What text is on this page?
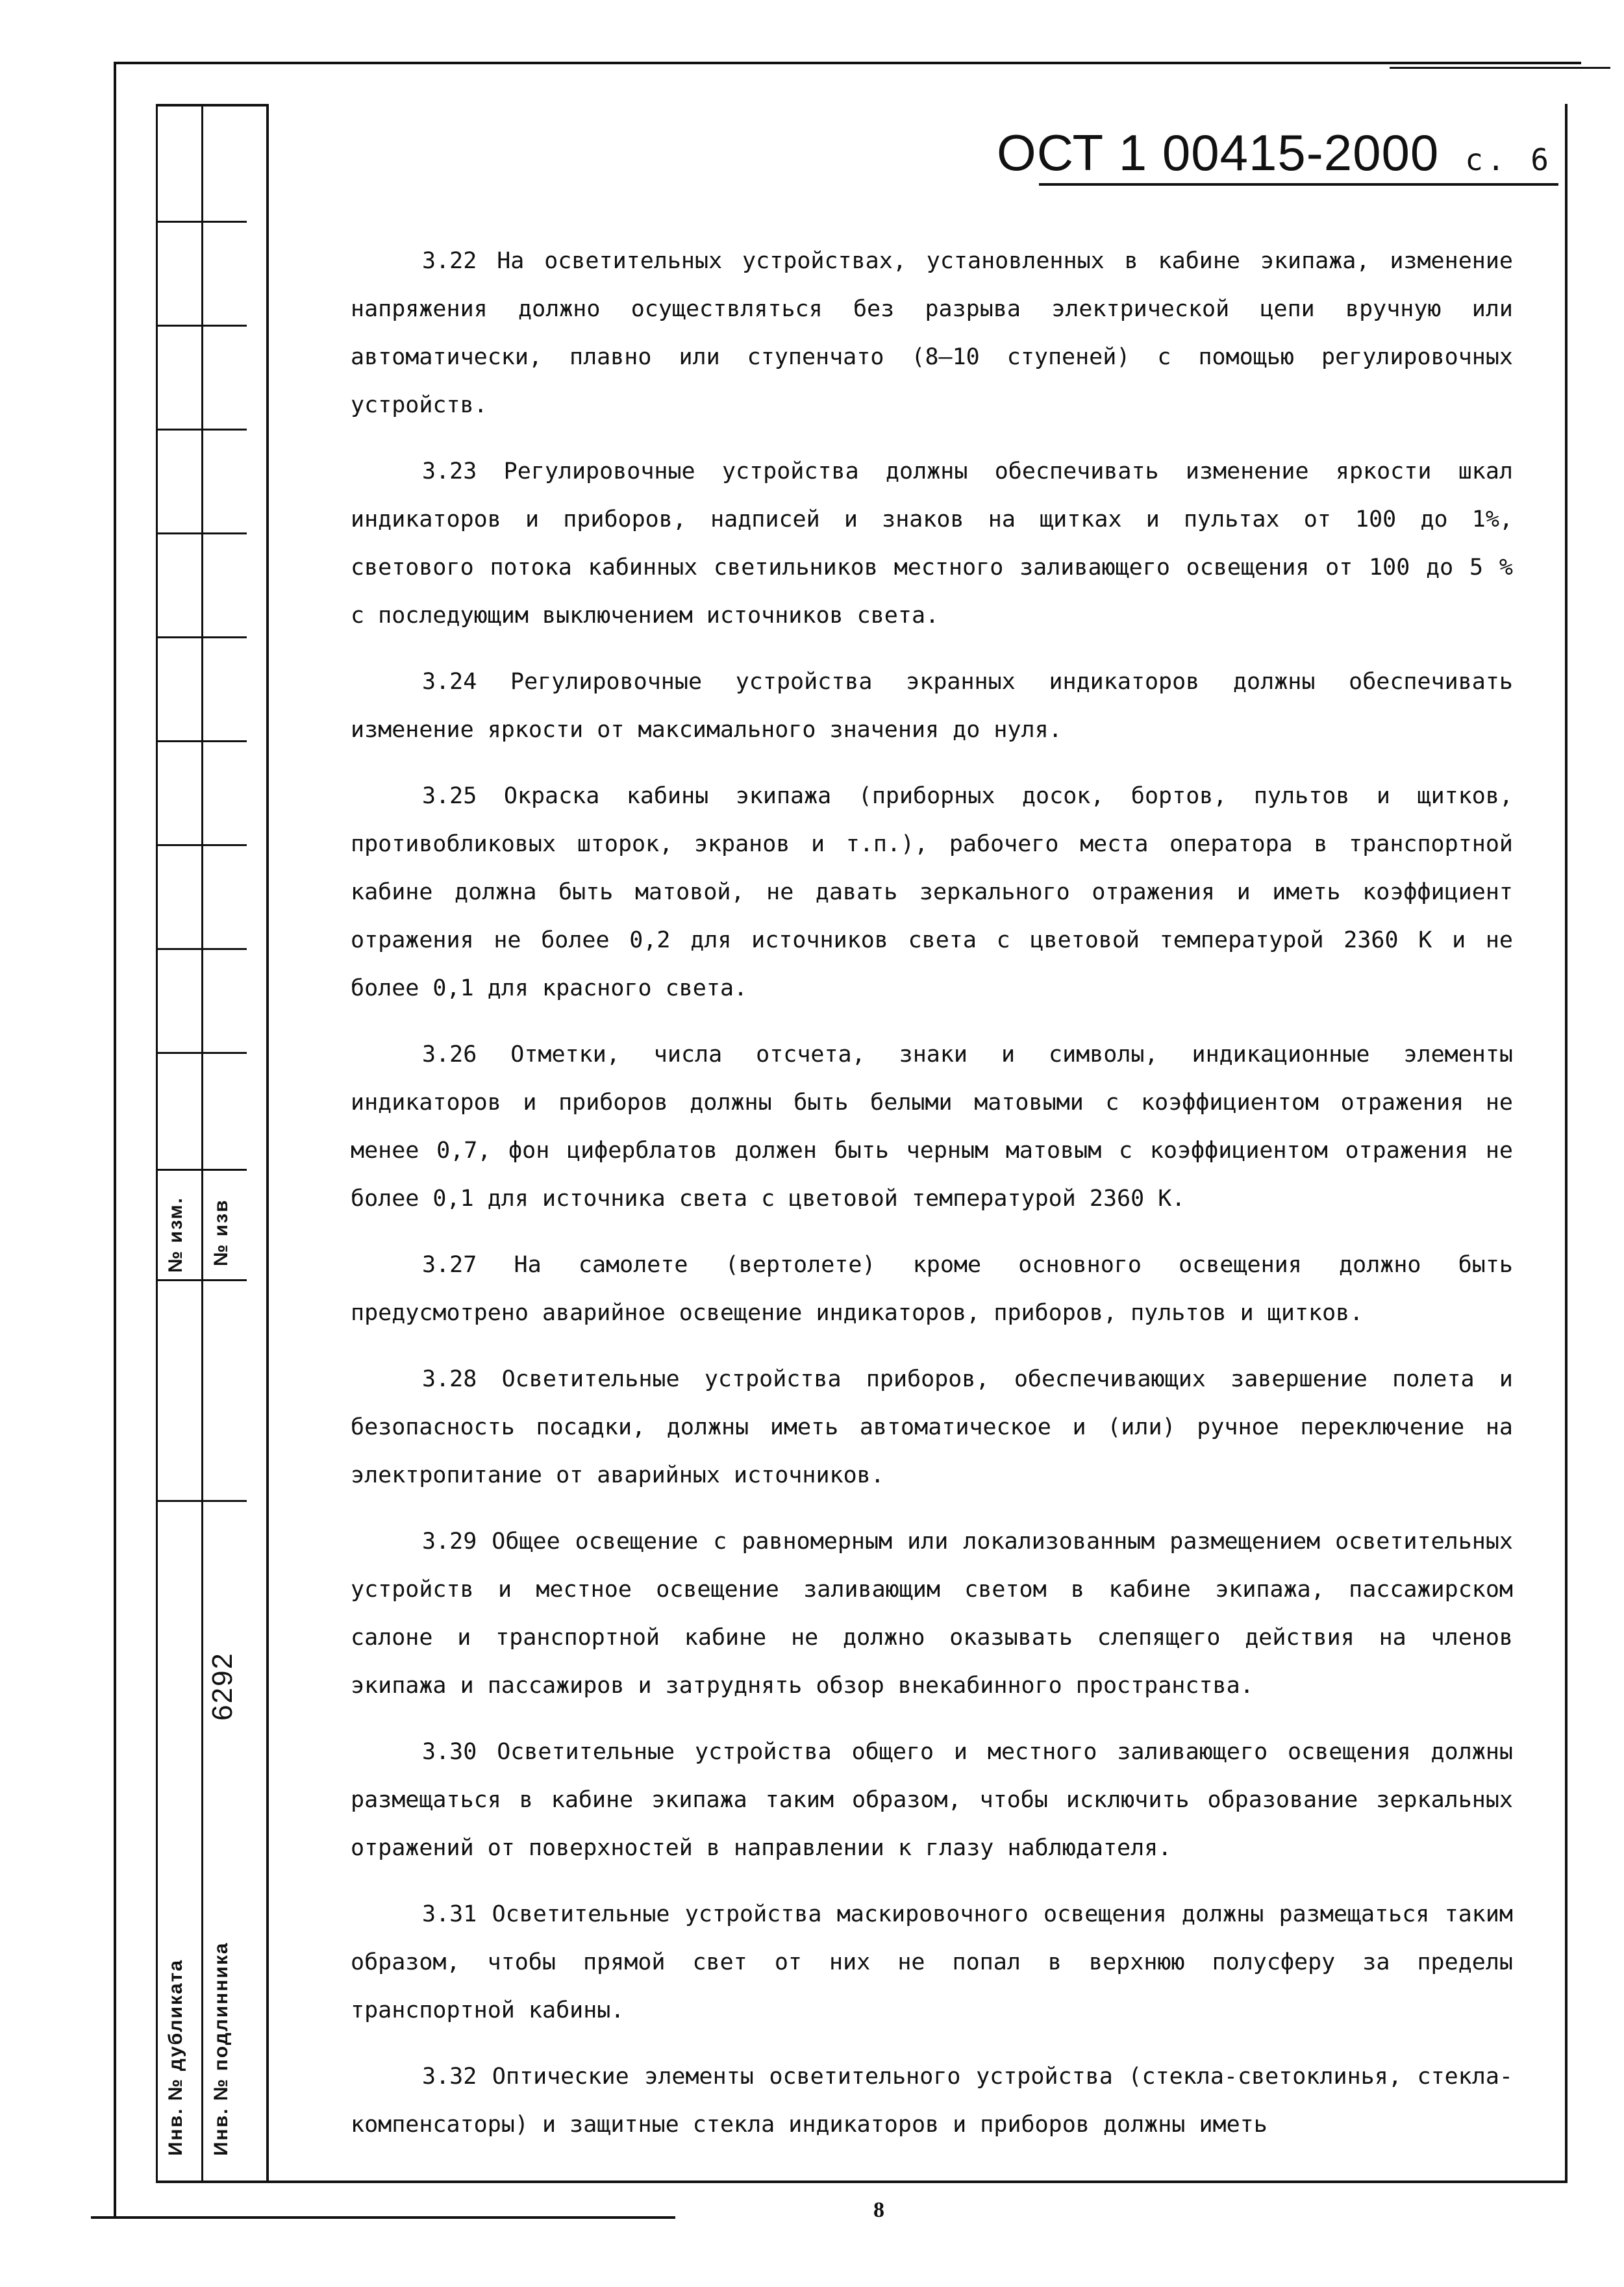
№ изм. № изв
6292
Инв. № дубликата Инв. № подлинника
ОСТ 1 00415-2000 с. 6

3.22 На осветительных устройствах, установленных в кабине экипажа, изменение напряжения должно осуществляться без разрыва электрической цепи вручную или автоматически, плавно или ступенчато (8–10 ступеней) с помощью регулировочных устройств.

3.23 Регулировочные устройства должны обеспечивать изменение яркости шкал индикаторов и приборов, надписей и знаков на щитках и пультах от 100 до 1%, светового потока кабинных светильников местного заливающего освещения от 100 до 5 % с последующим выключением источников света.

3.24 Регулировочные устройства экранных индикаторов должны обеспечивать изменение яркости от максимального значения до нуля.

3.25 Окраска кабины экипажа (приборных досок, бортов, пультов и щитков, противобликовых шторок, экранов и т.п.), рабочего места оператора в транспортной кабине должна быть матовой, не давать зеркального отражения и иметь коэффициент отражения не более 0,2 для источников света с цветовой температурой 2360 К и не более 0,1 для красного света.

3.26 Отметки, числа отсчета, знаки и символы, индикационные элементы индикаторов и приборов должны быть белыми матовыми с коэффициентом отражения не менее 0,7, фон циферблатов должен быть черным матовым с коэффициентом отражения не более 0,1 для источника света с цветовой температурой 2360 К.

3.27 На самолете (вертолете) кроме основного освещения должно быть предусмотрено аварийное освещение индикаторов, приборов, пультов и щитков.

3.28 Осветительные устройства приборов, обеспечивающих завершение полета и безопасность посадки, должны иметь автоматическое и (или) ручное переключение на электропитание от аварийных источников.

3.29 Общее освещение с равномерным или локализованным размещением осветительных устройств и местное освещение заливающим светом в кабине экипажа, пассажирском салоне и транспортной кабине не должно оказывать слепящего действия на членов экипажа и пассажиров и затруднять обзор внекабинного пространства.

3.30 Осветительные устройства общего и местного заливающего освещения должны размещаться в кабине экипажа таким образом, чтобы исключить образование зеркальных отражений от поверхностей в направлении к глазу наблюдателя.

3.31 Осветительные устройства маскировочного освещения должны размещаться таким образом, чтобы прямой свет от них не попал в верхнюю полусферу за пределы транспортной кабины.

3.32 Оптические элементы осветительного устройства (стекла-светоклинья, стекла-компенсаторы) и защитные стекла индикаторов и приборов должны иметь

8
